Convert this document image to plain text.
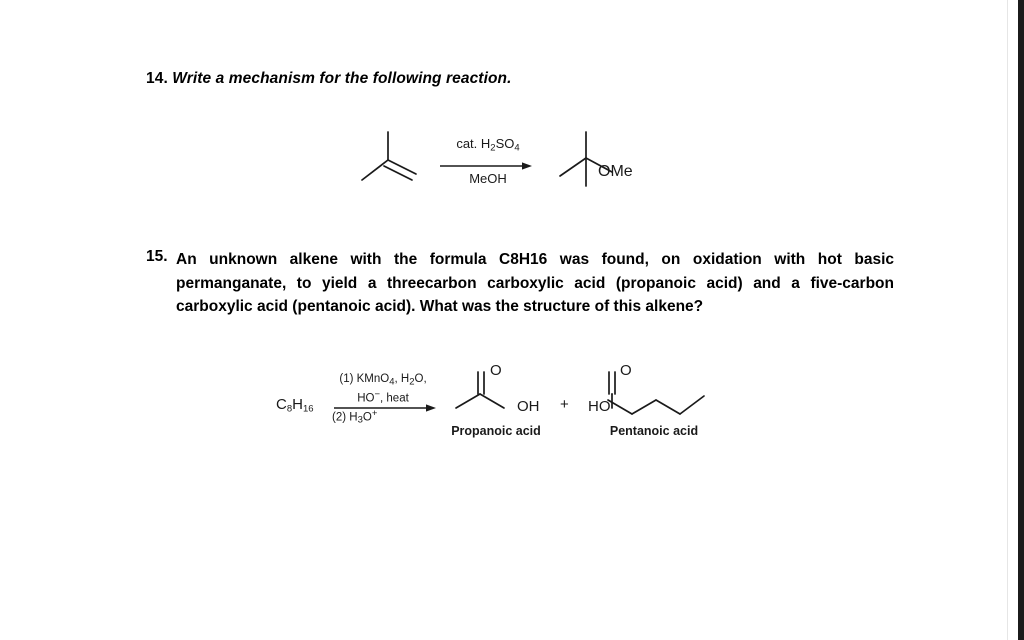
14. Write a mechanism for the following reaction.
cat. $H_2SO_4$
MeOH	OMe
15. An unknown alkene with the formula C8H16 was found, on oxidation with hot basic permanganate, to yield a threecarbon carboxylic acid (propanoic acid) and a five-carbon carboxylic acid (pentanoic acid). What was the structure of this alkene?
$C_8H_{16}$
(1) KMnO$_4$, $H_2O$,
HO−, heat
(2) $H_3O^+$
O
OH + HO
O
Propanoic acid	Pentanoic acid
